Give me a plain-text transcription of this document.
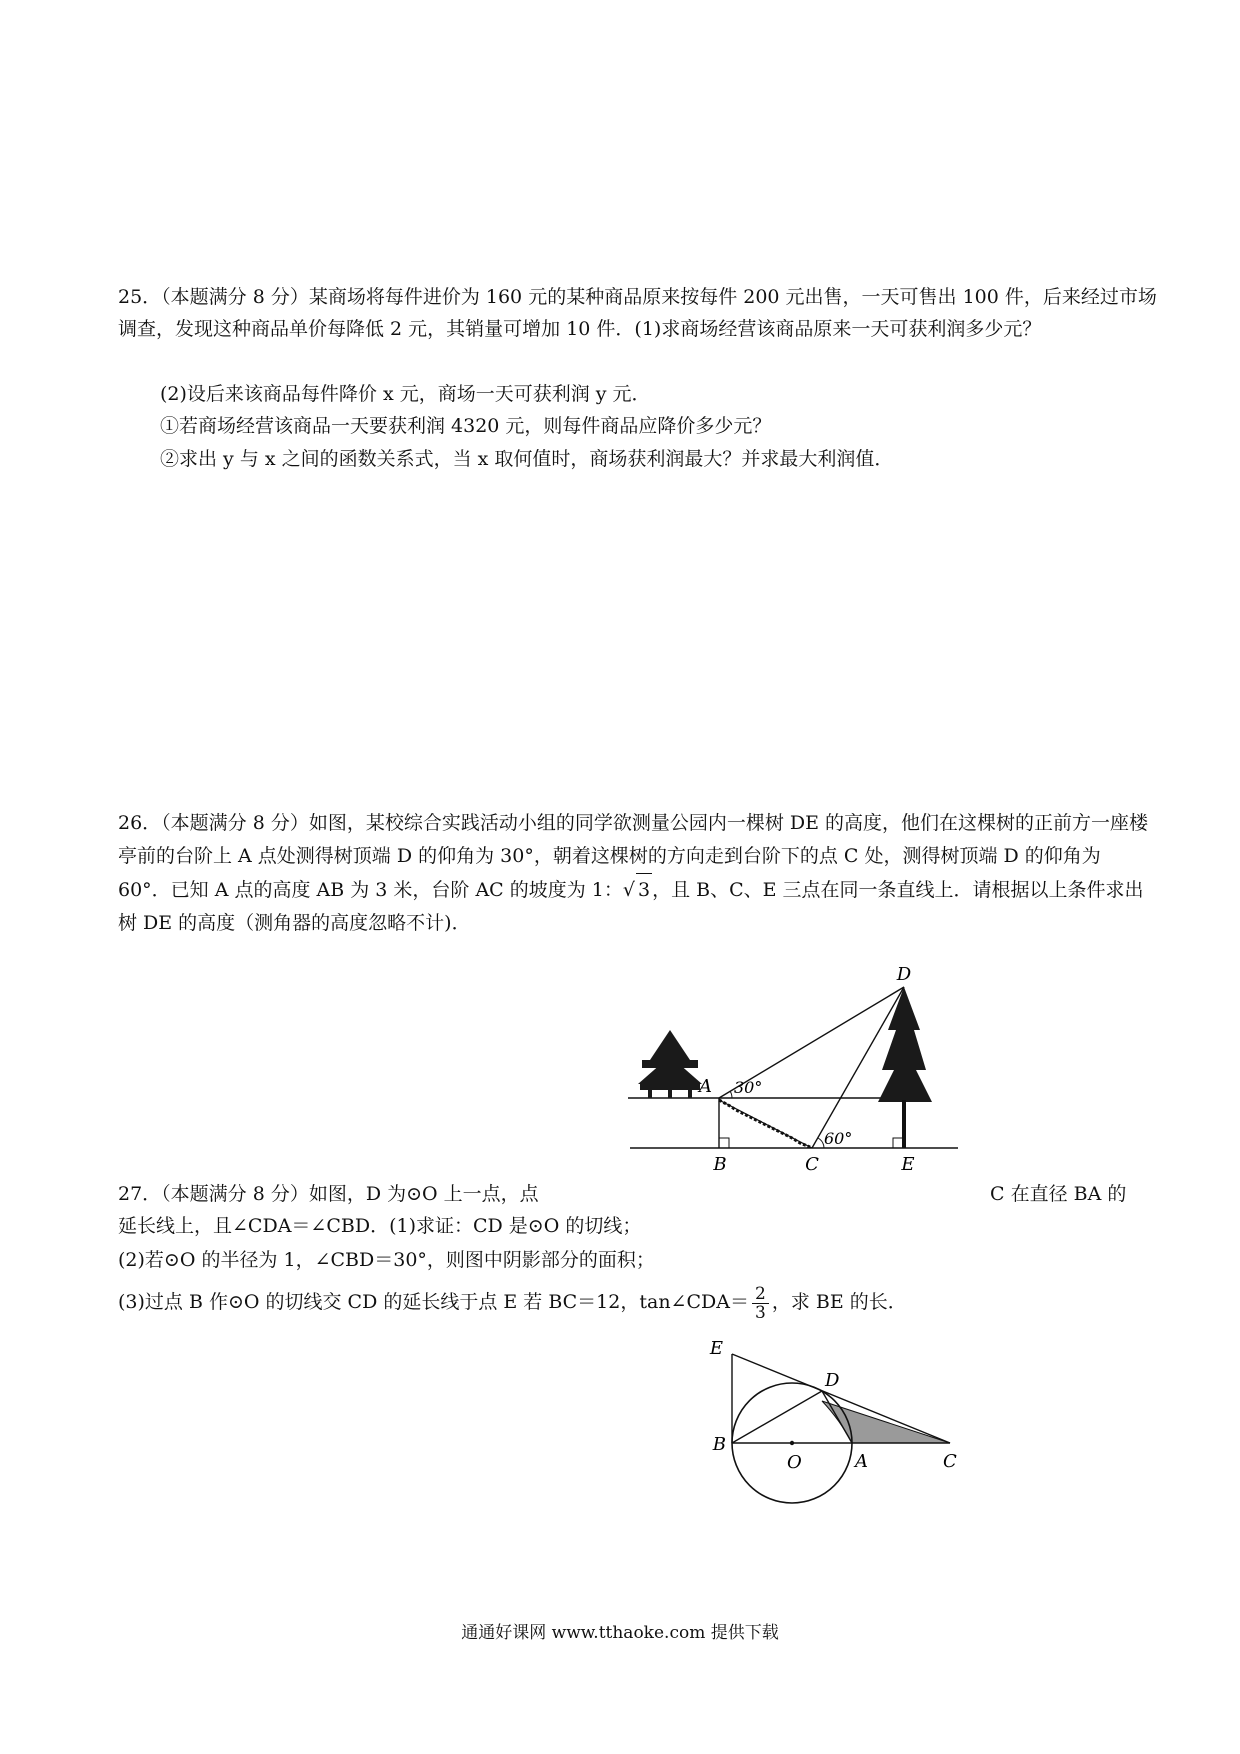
25．（本题满分 8 分）某商场将每件进价为 160 元的某种商品原来按每件 200 元出售，一天可售出 100 件，后来经过市场调查，发现这种商品单价每降低 2 元，其销量可增加 10 件．(1)求商场经营该商品原来一天可获利润多少元？

(2)设后来该商品每件降价 x 元，商场一天可获利润 y 元．
①若商场经营该商品一天要获利润 4320 元，则每件商品应降价多少元？
②求出 y 与 x 之间的函数关系式，当 x 取何值时，商场获利润最大？并求最大利润值．

26．（本题满分 8 分）如图，某校综合实践活动小组的同学欲测量公园内一棵树 DE 的高度，他们在这棵树的正前方一座楼亭前的台阶上 A 点处测得树顶端 D 的仰角为 30°，朝着这棵树的方向走到台阶下的点 C 处，测得树顶端 D 的仰角为 60°．已知 A 点的高度 AB 为 3 米，台阶 AC 的坡度为 1：√ 3 ，且 B、C、E 三点在同一条直线上．请根据以上条件求出树 DE 的高度（测角器的高度忽略不计)．

D
A 30°
60°
B	C	E
27．（本题满分 8 分）如图，D 为⊙O 上一点，点	C 在直径 BA 的
延长线上，且∠CDA＝∠CBD．(1)求证：CD 是⊙O 的切线；
(2)若⊙O 的半径为 1，∠CBD＝30°，则图中阴影部分的面积；
(3)过点 B 作⊙O 的切线交 CD 的延长线于点 E 若 BC＝12，tan∠CDA＝ $\frac{2}{3}$ ，求 BE 的长．
E
D
B
O	A	C
通通好课网 www.tthaoke.com 提供下载
